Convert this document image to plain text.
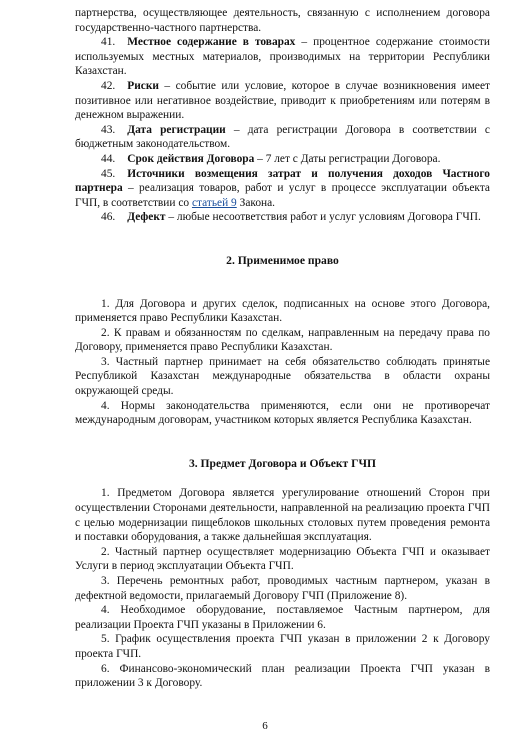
партнерства, осуществляющее деятельность, связанную с исполнением договора государственно-частного партнерства.

41. Местное содержание в товарах – процентное содержание стоимости используемых местных материалов, производимых на территории Республики Казахстан.

42. Риски – событие или условие, которое в случае возникновения имеет позитивное или негативное воздействие, приводит к приобретениям или потерям в денежном выражении.

43. Дата регистрации – дата регистрации Договора в соответствии с бюджетным законодательством.

44. Срок действия Договора – 7 лет с Даты регистрации Договора.

45. Источники возмещения затрат и получения доходов Частного партнера – реализация товаров, работ и услуг в процессе эксплуатации объекта ГЧП, в соответствии со статьей 9 Закона.

46. Дефект – любые несоответствия работ и услуг условиям Договора ГЧП.

2. Применимое право

1. Для Договора и других сделок, подписанных на основе этого Договора, применяется право Республики Казахстан.

2. К правам и обязанностям по сделкам, направленным на передачу права по Договору, применяется право Республики Казахстан.

3. Частный партнер принимает на себя обязательство соблюдать принятые Республикой Казахстан международные обязательства в области охраны окружающей среды.

4. Нормы законодательства применяются, если они не противоречат международным договорам, участником которых является Республика Казахстан.

3. Предмет Договора и Объект ГЧП

1. Предметом Договора является урегулирование отношений Сторон при осуществлении Сторонами деятельности, направленной на реализацию проекта ГЧП с целью модернизации пищеблоков школьных столовых путем проведения ремонта и поставки оборудования, а также дальнейшая эксплуатация.

2. Частный партнер осуществляет модернизацию Объекта ГЧП и оказывает Услуги в период эксплуатации Объекта ГЧП.

3. Перечень ремонтных работ, проводимых частным партнером, указан в дефектной ведомости, прилагаемый Договору ГЧП (Приложение 8).

4. Необходимое оборудование, поставляемое Частным партнером, для реализации Проекта ГЧП указаны в Приложении 6.

5. График осуществления проекта ГЧП указан в приложении 2 к Договору проекта ГЧП.

6. Финансово-экономический план реализации Проекта ГЧП указан в приложении 3 к Договору.

6
